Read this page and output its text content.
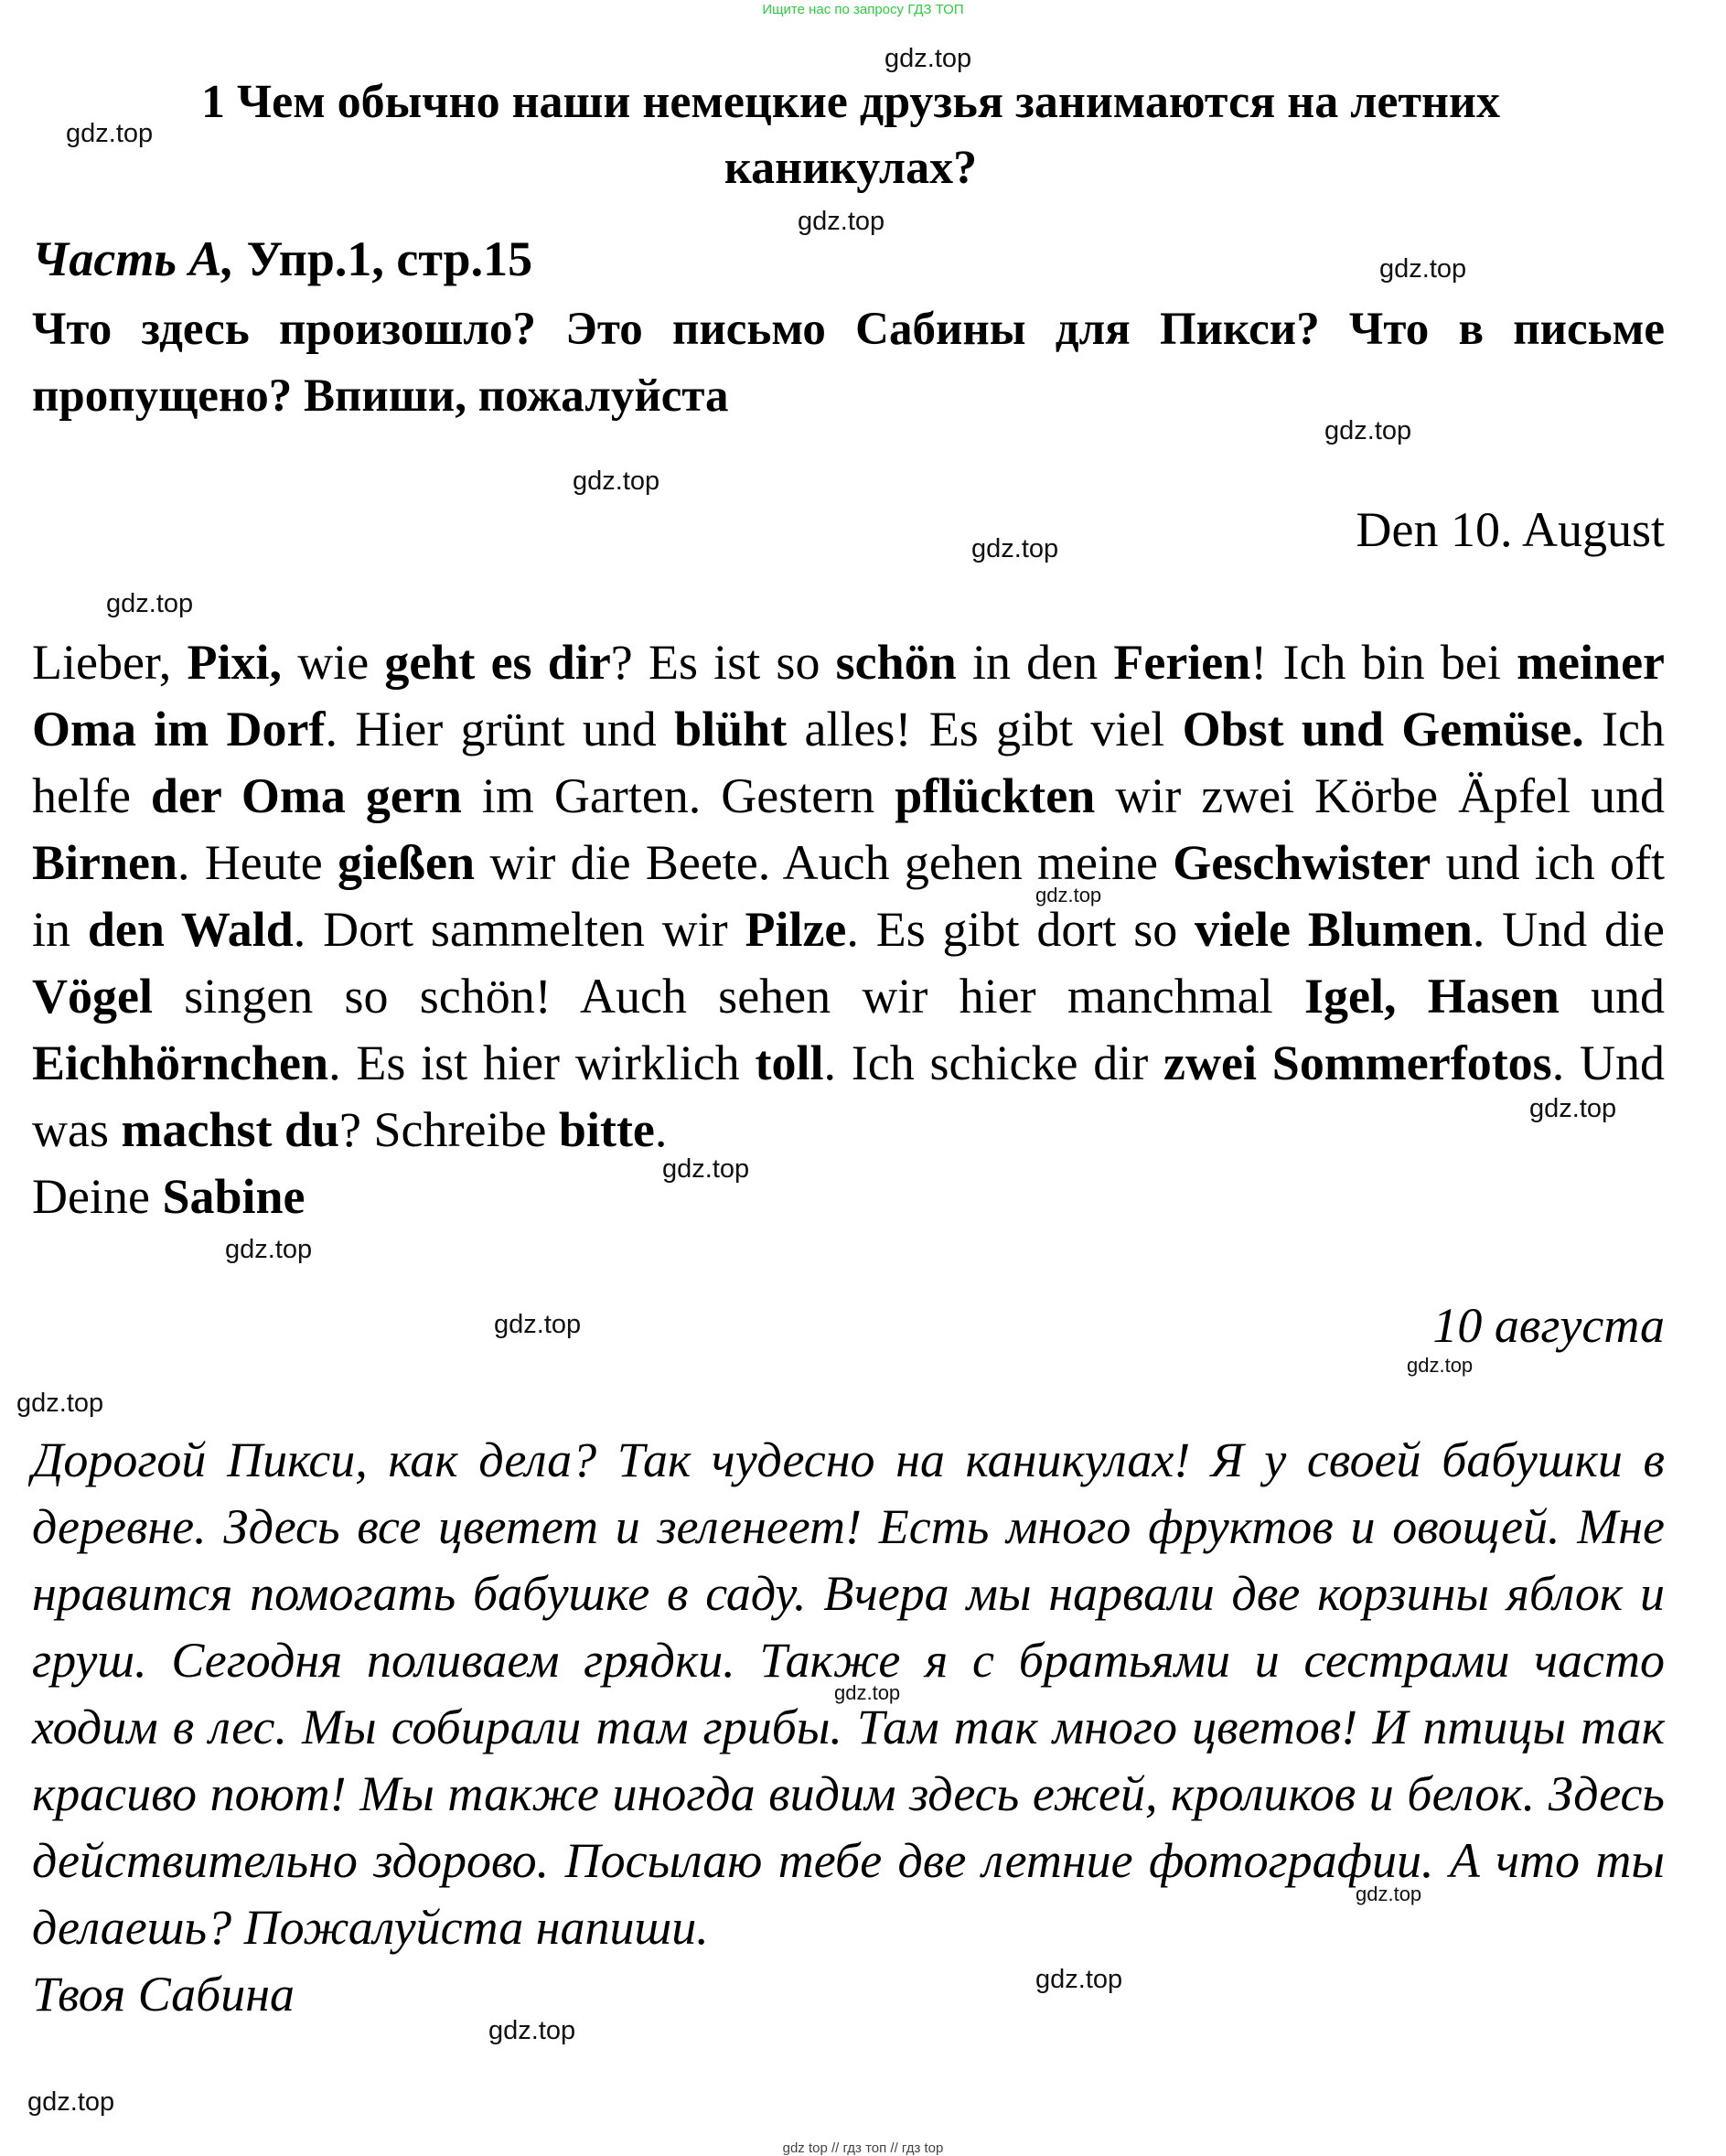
Ищите нас по запросу ГДЗ ТОП
1 Чем обычно наши немецкие друзья занимаются на летних каникулах?
Часть A, Упр.1, стр.15
Что здесь произошло? Это письмо Сабины для Пикси? Что в письме пропущено? Впиши, пожалуйста
Den 10. August

Lieber, Pixi, wie geht es dir? Es ist so schön in den Ferien! Ich bin bei meiner Oma im Dorf. Hier grünt und blüht alles! Es gibt viel Obst und Gemüse. Ich helfe der Oma gern im Garten. Gestern pflückten wir zwei Körbe Äpfel und Birnen. Heute gießen wir die Beete. Auch gehen meine Geschwister und ich oft in den Wald. Dort sammelten wir Pilze. Es gibt dort so viele Blumen. Und die Vögel singen so schön! Auch sehen wir hier manchmal Igel, Hasen und Eichhörnchen. Es ist hier wirklich toll. Ich schicke dir zwei Sommerfotos. Und was machst du? Schreibe bitte.

Deine Sabine

10 августа

Дорогой Пикси, как дела? Так чудесно на каникулах! Я у своей бабушки в деревне. Здесь все цветет и зеленеет! Есть много фруктов и овощей. Мне нравится помогать бабушке в саду. Вчера мы нарвали две корзины яблок и груш. Сегодня поливаем грядки. Также я с братьями и сестрами часто ходим в лес. Мы собирали там грибы. Там так много цветов! И птицы так красиво поют! Мы также иногда видим здесь ежей, кроликов и белок. Здесь действительно здорово. Посылаю тебе две летние фотографии. А что ты делаешь? Пожалуйста напиши.

Твоя Сабина

gdz.top
gdz.top
gdz.top
gdz.top
gdz.top
gdz.top
gdz.top
gdz.top
gdz.top
gdz.top
gdz.top
gdz.top
gdz.top
gdz.top
gdz.top
gdz.top
gdz.top
gdz.top
gdz.top
gdz.top
gdz top // гдз топ // гдз top
